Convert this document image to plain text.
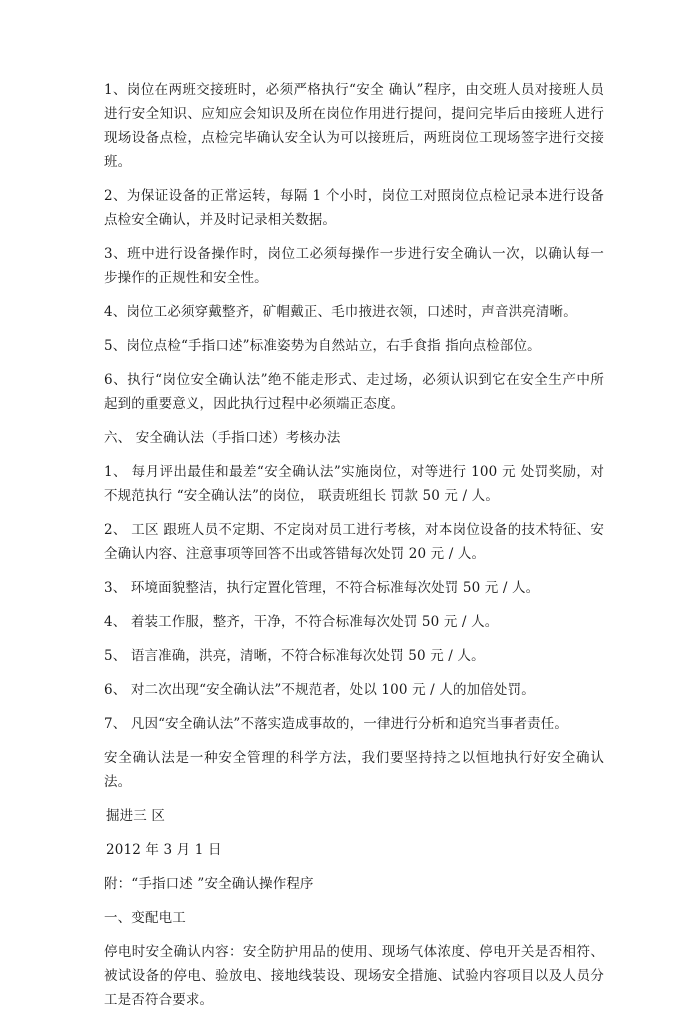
1、岗位在两班交接班时，必须严格执行“安全 确认”程序，由交班人员对接班人员进行安全知识、应知应会知识及所在岗位作用进行提问，提问完毕后由接班人进行现场设备点检，点检完毕确认安全认为可以接班后，两班岗位工现场签字进行交接班。

2、为保证设备的正常运转，每隔 1 个小时，岗位工对照岗位点检记录本进行设备点检安全确认，并及时记录相关数据。

3、班中进行设备操作时，岗位工必须每操作一步进行安全确认一次，以确认每一步操作的正规性和安全性。

4、岗位工必须穿戴整齐，矿帽戴正、毛巾掖进衣领，口述时，声音洪亮清晰。

5、岗位点检“手指口述”标准姿势为自然站立，右手食指 指向点检部位。

6、执行“岗位安全确认法”绝不能走形式、走过场，必须认识到它在安全生产中所起到的重要意义，因此执行过程中必须端正态度。

六、 安全确认法（手指口述）考核办法

1、 每月评出最佳和最差“安全确认法”实施岗位，对等进行 100 元 处罚奖励，对不规范执行 “安全确认法”的岗位， 联责班组长 罚款 50 元 / 人。

2、 工区 跟班人员不定期、不定岗对员工进行考核，对本岗位设备的技术特征、安全确认内容、注意事项等回答不出或答错每次处罚 20 元 / 人。

3、 环境面貌整洁，执行定置化管理，不符合标准每次处罚 50 元 / 人。

4、 着装工作服，整齐，干净，不符合标准每次处罚 50 元 / 人。

5、 语言准确，洪亮，清晰，不符合标准每次处罚 50 元 / 人。

6、 对二次出现“安全确认法”不规范者，处以 100 元 / 人的加倍处罚。

7、 凡因“安全确认法”不落实造成事故的，一律进行分析和追究当事者责任。

安全确认法是一种安全管理的科学方法，我们要坚持持之以恒地执行好安全确认法。

掘进三 区

2012 年 3 月 1 日

附：“手指口述 ”安全确认操作程序

一、变配电工

停电时安全确认内容：安全防护用品的使用、现场气体浓度、停电开关是否相符、被试设备的停电、验放电、接地线装设、现场安全措施、试验内容项目以及人员分工是否符合要求。
